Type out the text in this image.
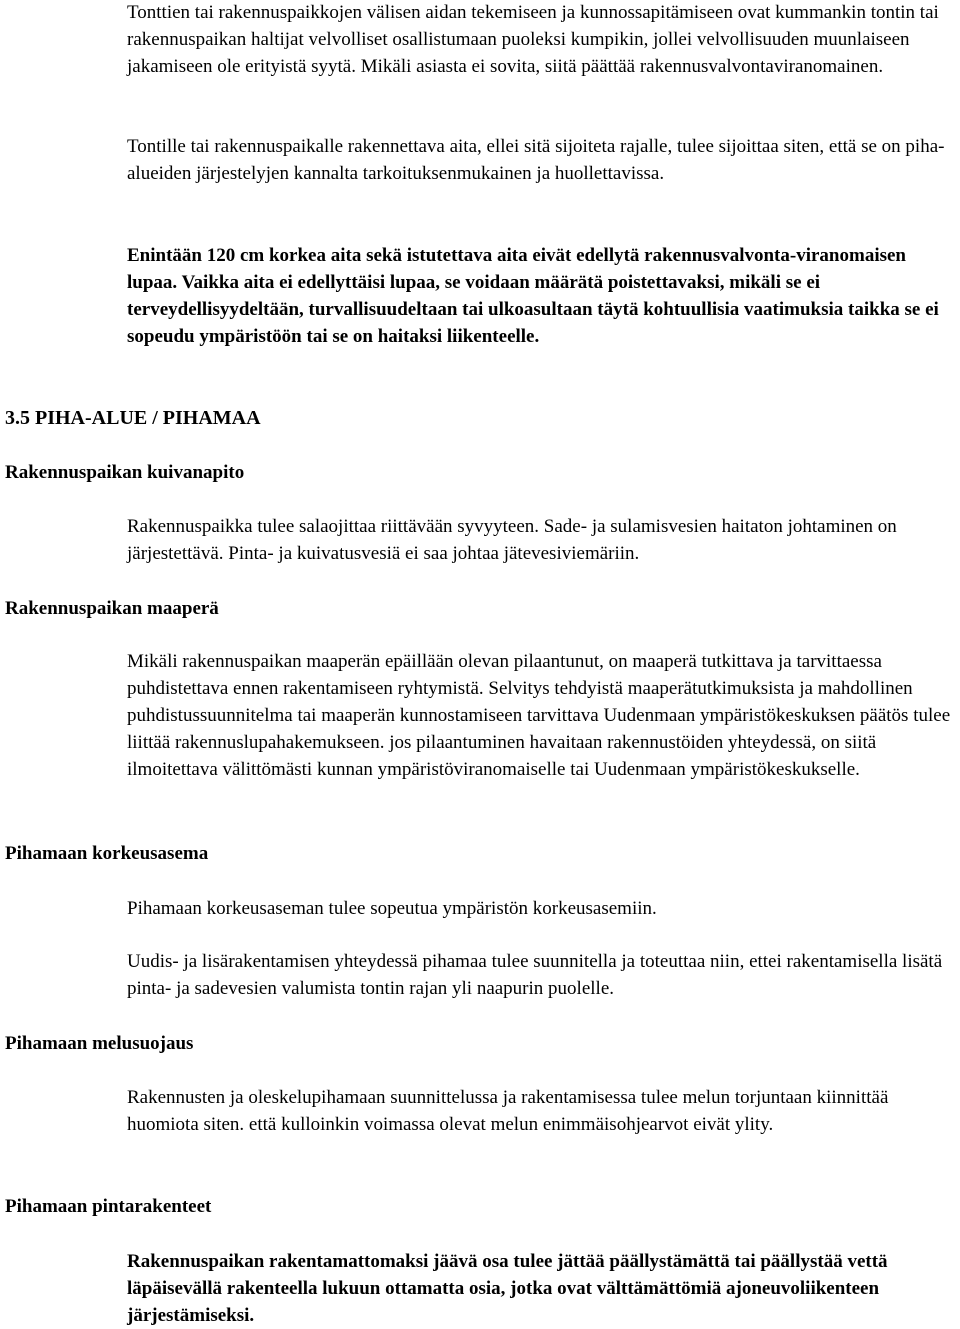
Tonttien tai rakennuspaikkojen välisen aidan tekemiseen ja kunnossapitämiseen ovat kummankin tontin tai rakennuspaikan haltijat velvolliset osallistumaan puoleksi kumpikin, jollei velvollisuuden muunlaiseen jakamiseen ole erityistä syytä. Mikäli asiasta ei sovita, siitä päättää rakennusvalvontaviranomainen.

Tontille tai rakennuspaikalle rakennettava aita, ellei sitä sijoiteta rajalle, tulee sijoittaa siten, että se on piha-alueiden järjestelyjen kannalta tarkoituksenmukainen ja huollettavissa.

Enintään 120 cm korkea aita sekä istutettava aita eivät edellytä rakennusvalvonta-viranomaisen lupaa. Vaikka aita ei edellyttäisi lupaa, se voidaan määrätä poistettavaksi, mikäli se ei terveydellisyydeltään, turvallisuudeltaan tai ulkoasultaan täytä kohtuullisia vaatimuksia taikka se ei sopeudu ympäristöön tai se on haitaksi liikenteelle.

3.5 PIHA-ALUE / PIHAMAA
Rakennuspaikan kuivanapito

Rakennuspaikka tulee salaojittaa riittävään syvyyteen. Sade- ja sulamisvesien haitaton johtaminen on järjestettävä. Pinta- ja kuivatusvesiä ei saa johtaa jätevesiviemäriin.

Rakennuspaikan maaperä

Mikäli rakennuspaikan maaperän epäillään olevan pilaantunut, on maaperä tutkittava ja tarvittaessa puhdistettava ennen rakentamiseen ryhtymistä. Selvitys tehdyistä maaperätutkimuksista ja mahdollinen puhdistussuunnitelma tai maaperän kunnostamiseen tarvittava Uudenmaan ympäristökeskuksen päätös tulee liittää rakennuslupahakemukseen. jos pilaantuminen havaitaan rakennustöiden yhteydessä, on siitä ilmoitettava välittömästi kunnan ympäristöviranomaiselle tai Uudenmaan ympäristökeskukselle.

Pihamaan korkeusasema

Pihamaan korkeusaseman tulee sopeutua ympäristön korkeusasemiin.

Uudis- ja lisärakentamisen yhteydessä pihamaa tulee suunnitella ja toteuttaa niin, ettei rakentamisella lisätä pinta- ja sadevesien valumista tontin rajan yli naapurin puolelle.

Pihamaan melusuojaus

Rakennusten ja oleskelupihamaan suunnittelussa ja rakentamisessa tulee melun torjuntaan kiinnittää huomiota siten. että kulloinkin voimassa olevat melun enimmäisohjearvot eivät ylity.

Pihamaan pintarakenteet

Rakennuspaikan rakentamattomaksi jäävä osa tulee jättää päällystämättä tai päällystää vettä läpäisevällä rakenteella lukuun ottamatta osia, jotka ovat välttämättömiä ajoneuvoliikenteen järjestämiseksi.
